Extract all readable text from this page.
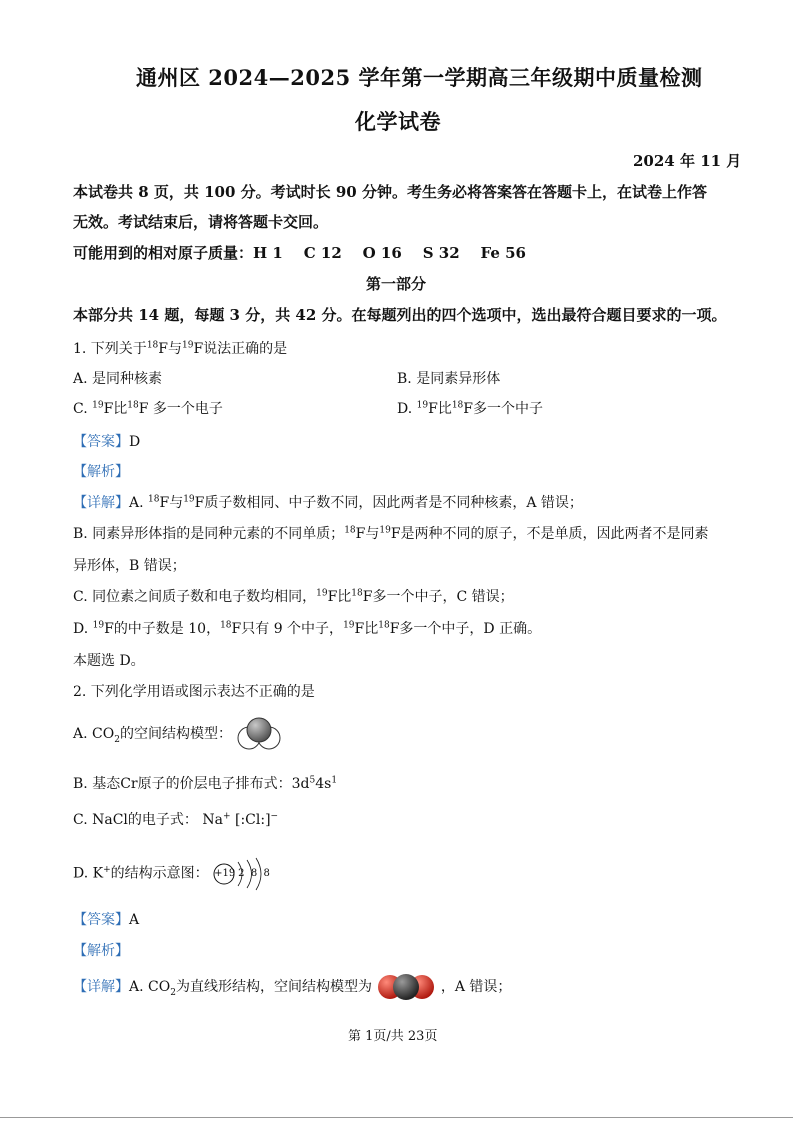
通州区 2024—2025 学年第一学期高三年级期中质量检测
化学试卷
2024 年 11 月
本试卷共 8 页，共 100 分。考试时长 90 分钟。考生务必将答案答在答题卡上，在试卷上作答
无效。考试结束后，请将答题卡交回。
可能用到的相对原子质量：H 1    C 12    O 16    S 32    Fe 56
第一部分
本部分共 14 题，每题 3 分，共 42 分。在每题列出的四个选项中，选出最符合题目要求的一项。
1. 下列关于$^{18}$F与$^{19}$F说法正确的是
A. 是同种核素	B. 是同素异形体
C. $^{19}$F比$^{18}$F 多一个电子	D. $^{19}$F比$^{18}$F多一个中子
【答案】D
【解析】
【详解】A. $^{18}$F与$^{19}$F质子数相同、中子数不同，因此两者是不同种核素，A 错误；
B. 同素异形体指的是同种元素的不同单质；$^{18}$F与$^{19}$F是两种不同的原子，不是单质，因此两者不是同素
异形体，B 错误；
C. 同位素之间质子数和电子数均相同，$^{19}$F比$^{18}$F多一个中子，C 错误；
D. $^{19}$F的中子数是 10，$^{18}$F只有 9 个中子，$^{19}$F比$^{18}$F多一个中子，D 正确。
本题选 D。
2. 下列化学用语或图示表达不正确的是
A. $CO_2$的空间结构模型：
B. 基态Cr原子的价层电子排布式：$3d^54s^1$
C. NaCl的电子式： Na+ [:Cl:]−
D. K+的结构示意图： +19 2  8  8
【答案】A
【解析】
【详解】A. $CO_2$为直线形结构，空间结构模型为	，A 错误；
第 1页/共 23页
